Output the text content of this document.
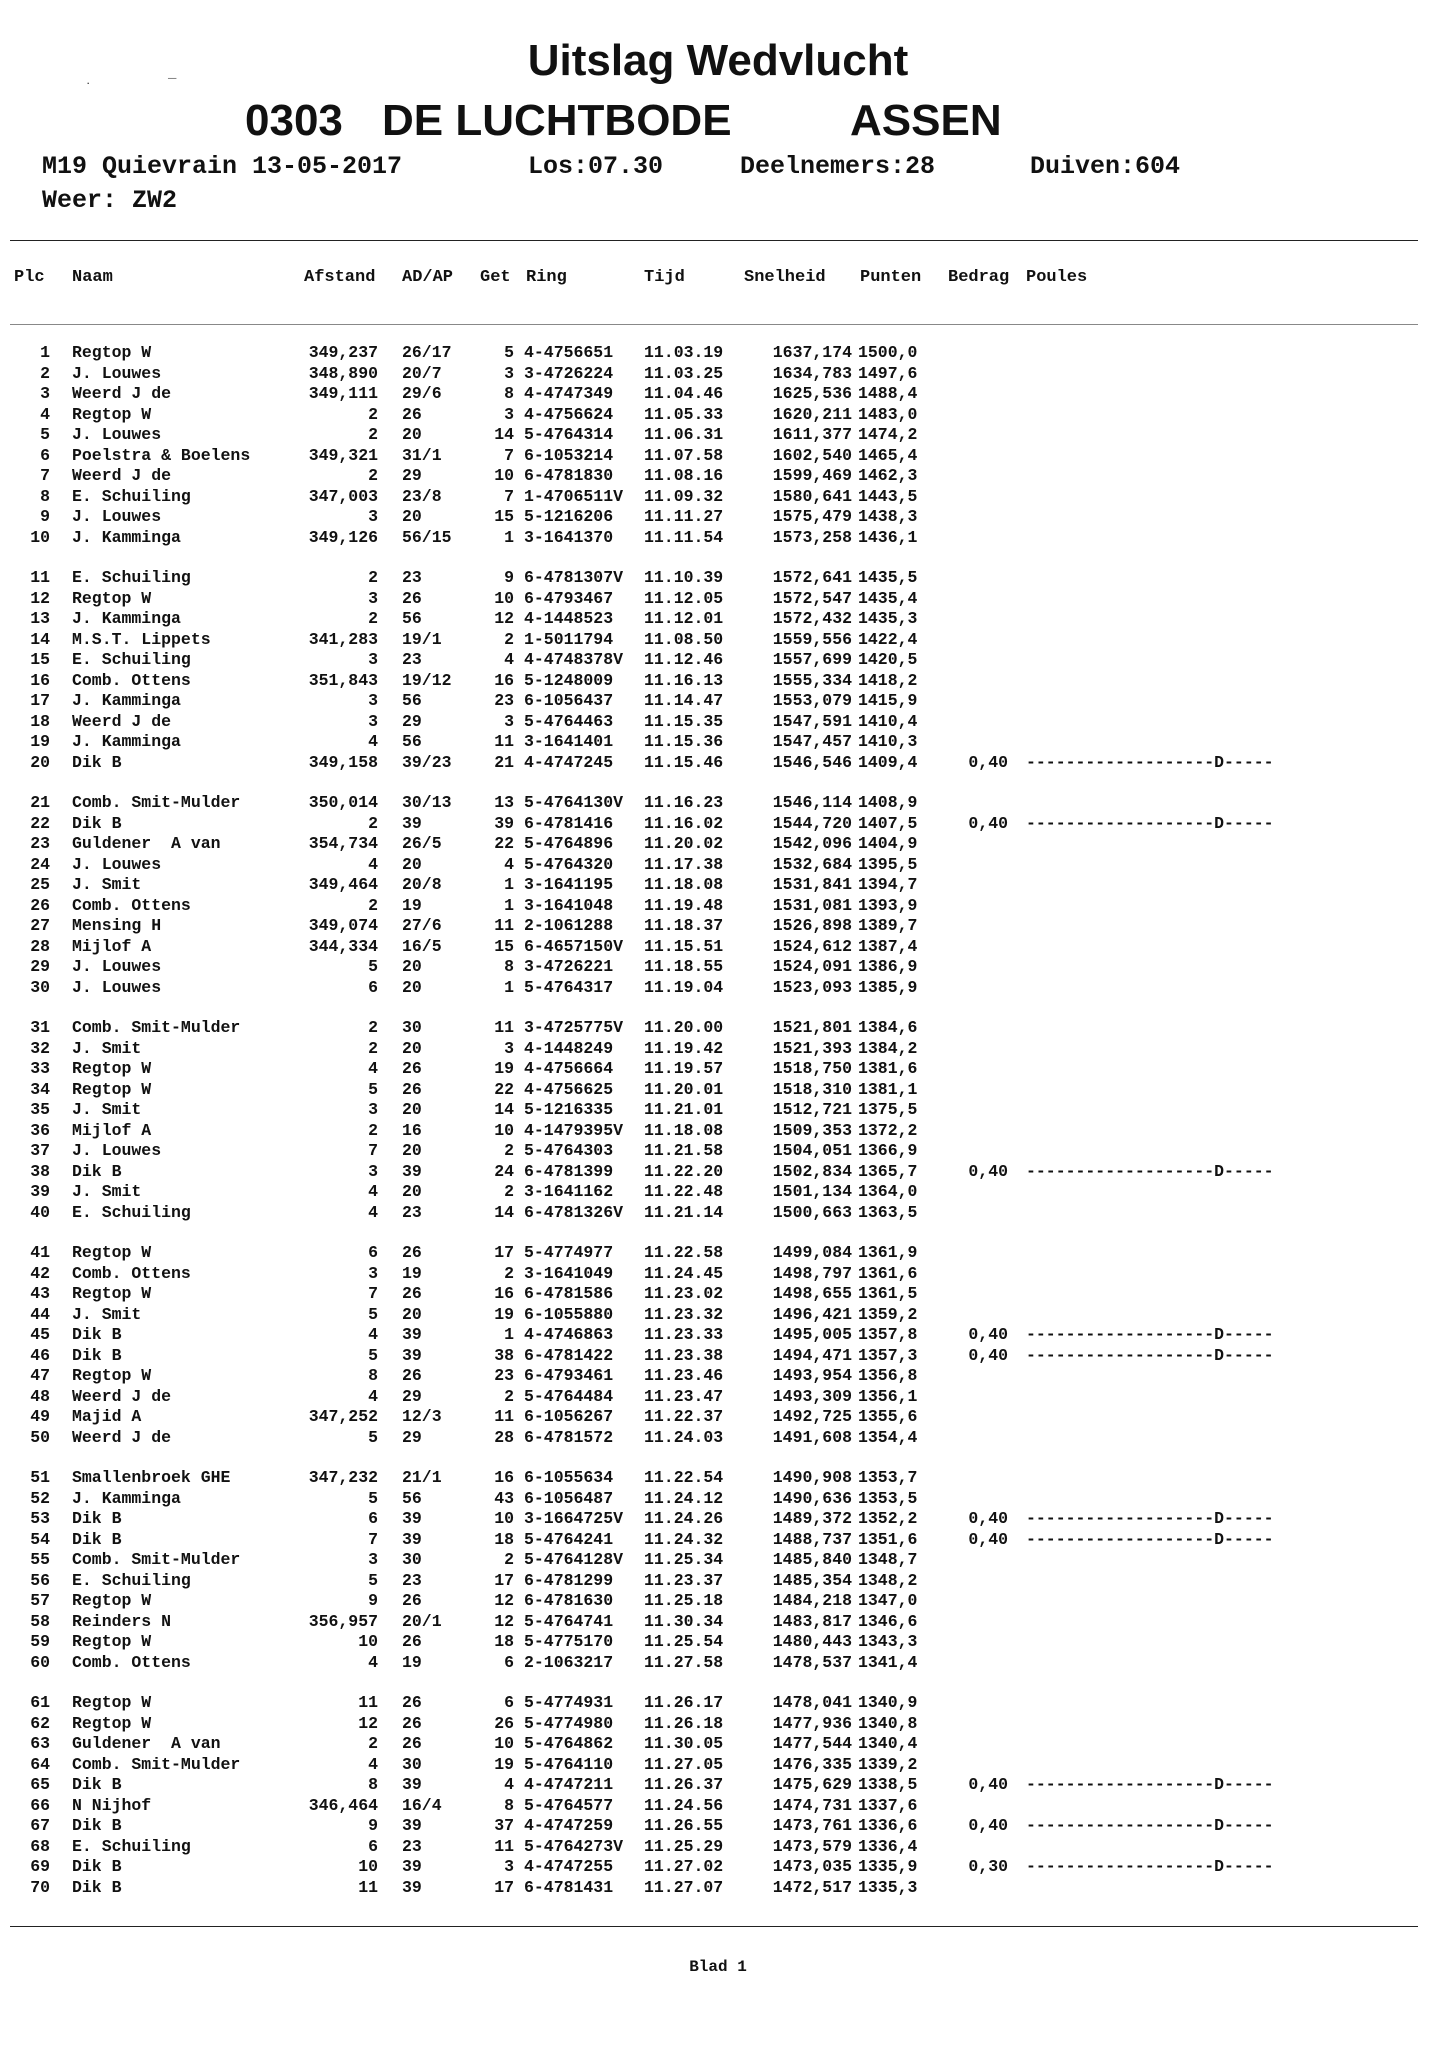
Uitslag Wedvlucht
0303 DE LUCHTBODE	ASSEN
M19 Quievrain 13-05-2017	Los:07.30	Deelnemers:28	Duiven:604
Weer: ZW2
Plc Naam	Afstand AD/AP Get Ring	Tijd	Snelheid Punten Bedrag Poules
1 Regtop W	349,237 26/17	5 4-4756651	11.03.19	1637,174 1500,0
2 J. Louwes	348,890 20/7	3 3-4726224	11.03.25	1634,783 1497,6
3 Weerd J de	349,111 29/6	8 4-4747349	11.04.46	1625,536 1488,4
4 Regtop W	2 26	3 4-4756624	11.05.33	1620,211 1483,0
5 J. Louwes	2 20	14 5-4764314	11.06.31	1611,377 1474,2
6 Poelstra & Boelens	349,321 31/1	7 6-1053214	11.07.58	1602,540 1465,4
7 Weerd J de	2 29	10 6-4781830	11.08.16	1599,469 1462,3
8 E. Schuiling	347,003 23/8	7 1-4706511V	11.09.32	1580,641 1443,5
9 J. Louwes	3 20	15 5-1216206	11.11.27	1575,479 1438,3
10 J. Kamminga	349,126 56/15	1 3-1641370	11.11.54	1573,258 1436,1
11 E. Schuiling	2 23	9 6-4781307V	11.10.39	1572,641 1435,5
12 Regtop W	3 26	10 6-4793467	11.12.05	1572,547 1435,4
13 J. Kamminga	2 56	12 4-1448523	11.12.01	1572,432 1435,3
14 M.S.T. Lippets	341,283 19/1	2 1-5011794	11.08.50	1559,556 1422,4
15 E. Schuiling	3 23	4 4-4748378V	11.12.46	1557,699 1420,5
16 Comb. Ottens	351,843 19/12	16 5-1248009	11.16.13	1555,334 1418,2
17 J. Kamminga	3 56	23 6-1056437	11.14.47	1553,079 1415,9
18 Weerd J de	3 29	3 5-4764463	11.15.35	1547,591 1410,4
19 J. Kamminga	4 56	11 3-1641401	11.15.36	1547,457 1410,3
20 Dik B	349,158 39/23	21 4-4747245	11.15.46	1546,546 1409,4	0,40 -------------------D-----
21 Comb. Smit-Mulder	350,014 30/13	13 5-4764130V	11.16.23	1546,114 1408,9
22 Dik B	2 39	39 6-4781416	11.16.02	1544,720 1407,5	0,40 -------------------D-----
23 Guldener  A van	354,734 26/5	22 5-4764896	11.20.02	1542,096 1404,9
24 J. Louwes	4 20	4 5-4764320	11.17.38	1532,684 1395,5
25 J. Smit	349,464 20/8	1 3-1641195	11.18.08	1531,841 1394,7
26 Comb. Ottens	2 19	1 3-1641048	11.19.48	1531,081 1393,9
27 Mensing H	349,074 27/6	11 2-1061288	11.18.37	1526,898 1389,7
28 Mijlof A	344,334 16/5	15 6-4657150V	11.15.51	1524,612 1387,4
29 J. Louwes	5 20	8 3-4726221	11.18.55	1524,091 1386,9
30 J. Louwes	6 20	1 5-4764317	11.19.04	1523,093 1385,9
31 Comb. Smit-Mulder	2 30	11 3-4725775V	11.20.00	1521,801 1384,6
32 J. Smit	2 20	3 4-1448249	11.19.42	1521,393 1384,2
33 Regtop W	4 26	19 4-4756664	11.19.57	1518,750 1381,6
34 Regtop W	5 26	22 4-4756625	11.20.01	1518,310 1381,1
35 J. Smit	3 20	14 5-1216335	11.21.01	1512,721 1375,5
36 Mijlof A	2 16	10 4-1479395V	11.18.08	1509,353 1372,2
37 J. Louwes	7 20	2 5-4764303	11.21.58	1504,051 1366,9
38 Dik B	3 39	24 6-4781399	11.22.20	1502,834 1365,7	0,40 -------------------D-----
39 J. Smit	4 20	2 3-1641162	11.22.48	1501,134 1364,0
40 E. Schuiling	4 23	14 6-4781326V	11.21.14	1500,663 1363,5
41 Regtop W	6 26	17 5-4774977	11.22.58	1499,084 1361,9
42 Comb. Ottens	3 19	2 3-1641049	11.24.45	1498,797 1361,6
43 Regtop W	7 26	16 6-4781586	11.23.02	1498,655 1361,5
44 J. Smit	5 20	19 6-1055880	11.23.32	1496,421 1359,2
45 Dik B	4 39	1 4-4746863	11.23.33	1495,005 1357,8	0,40 -------------------D-----
46 Dik B	5 39	38 6-4781422	11.23.38	1494,471 1357,3	0,40 -------------------D-----
47 Regtop W	8 26	23 6-4793461	11.23.46	1493,954 1356,8
48 Weerd J de	4 29	2 5-4764484	11.23.47	1493,309 1356,1
49 Majid A	347,252 12/3	11 6-1056267	11.22.37	1492,725 1355,6
50 Weerd J de	5 29	28 6-4781572	11.24.03	1491,608 1354,4
51 Smallenbroek GHE	347,232 21/1	16 6-1055634	11.22.54	1490,908 1353,7
52 J. Kamminga	5 56	43 6-1056487	11.24.12	1490,636 1353,5
53 Dik B	6 39	10 3-1664725V	11.24.26	1489,372 1352,2	0,40 -------------------D-----
54 Dik B	7 39	18 5-4764241	11.24.32	1488,737 1351,6	0,40 -------------------D-----
55 Comb. Smit-Mulder	3 30	2 5-4764128V	11.25.34	1485,840 1348,7
56 E. Schuiling	5 23	17 6-4781299	11.23.37	1485,354 1348,2
57 Regtop W	9 26	12 6-4781630	11.25.18	1484,218 1347,0
58 Reinders N	356,957 20/1	12 5-4764741	11.30.34	1483,817 1346,6
59 Regtop W	10 26	18 5-4775170	11.25.54	1480,443 1343,3
60 Comb. Ottens	4 19	6 2-1063217	11.27.58	1478,537 1341,4
61 Regtop W	11 26	6 5-4774931	11.26.17	1478,041 1340,9
62 Regtop W	12 26	26 5-4774980	11.26.18	1477,936 1340,8
63 Guldener  A van	2 26	10 5-4764862	11.30.05	1477,544 1340,4
64 Comb. Smit-Mulder	4 30	19 5-4764110	11.27.05	1476,335 1339,2
65 Dik B	8 39	4 4-4747211	11.26.37	1475,629 1338,5	0,40 -------------------D-----
66 N Nijhof	346,464 16/4	8 5-4764577	11.24.56	1474,731 1337,6
67 Dik B	9 39	37 4-4747259	11.26.55	1473,761 1336,6	0,40 -------------------D-----
68 E. Schuiling	6 23	11 5-4764273V	11.25.29	1473,579 1336,4
69 Dik B	10 39	3 4-4747255	11.27.02	1473,035 1335,9	0,30 -------------------D-----
70 Dik B	11 39	17 6-4781431	11.27.07	1472,517 1335,3
Blad 1
˙
_
